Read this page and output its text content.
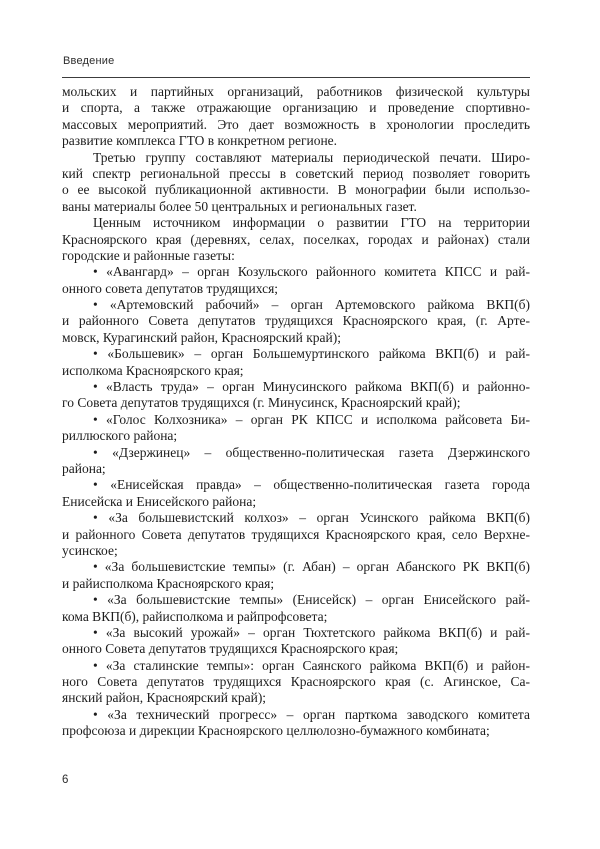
Введение
мольских и партийных организаций, работников физической культуры
и спорта, а также отражающие организацию и проведение спортивно-
массовых мероприятий. Это дает возможность в хронологии проследить
развитие комплекса ГТО в конкретном регионе.
Третью группу составляют материалы периодической печати. Широ-
кий спектр региональной прессы в советский период позволяет говорить
о ее высокой публикационной активности. В монографии были использо-
ваны материалы более 50 центральных и региональных газет.
Ценным источником информации о развитии ГТО на территории
Красноярского края (деревнях, селах, поселках, городах и районах) стали
городские и районные газеты:
• «Авангард» – орган Козульского районного комитета КПСС и рай-
онного совета депутатов трудящихся;
• «Артемовский рабочий» – орган Артемовского райкома ВКП(б)
и районного Совета депутатов трудящихся Красноярского края, (г. Арте-
мовск, Курагинский район, Красноярский край);
• «Большевик» – орган Большемуртинского райкома ВКП(б) и рай-
исполкома Красноярского края;
• «Власть труда» – орган Минусинского райкома ВКП(б) и районно-
го Совета депутатов трудящихся (г. Минусинск, Красноярский край);
• «Голос Колхозника» – орган РК КПСС и исполкома райсовета Би-
риллюского района;
• «Дзержинец» – общественно-политическая газета Дзержинского
района;
• «Енисейская правда» – общественно-политическая газета города
Енисейска и Енисейского района;
• «За большевистский колхоз» – орган Усинского райкома ВКП(б)
и районного Совета депутатов трудящихся Красноярского края, село Верхне-
усинское;
• «За большевистские темпы» (г. Абан) – орган Абанского РК ВКП(б)
и райисполкома Красноярского края;
• «За большевистские темпы» (Енисейск) – орган Енисейского рай-
кома ВКП(б), райисполкома и райпрофсовета;
• «За высокий урожай» – орган Тюхтетского райкома ВКП(б) и рай-
онного Совета депутатов трудящихся Красноярского края;
• «За сталинские темпы»: орган Саянского райкома ВКП(б) и район-
ного Совета депутатов трудящихся Красноярского края (с. Агинское, Са-
янский район, Красноярский край);
• «За технический прогресс» – орган парткома заводского комитета
профсоюза и дирекции Красноярского целлюлозно-бумажного комбината;
6
